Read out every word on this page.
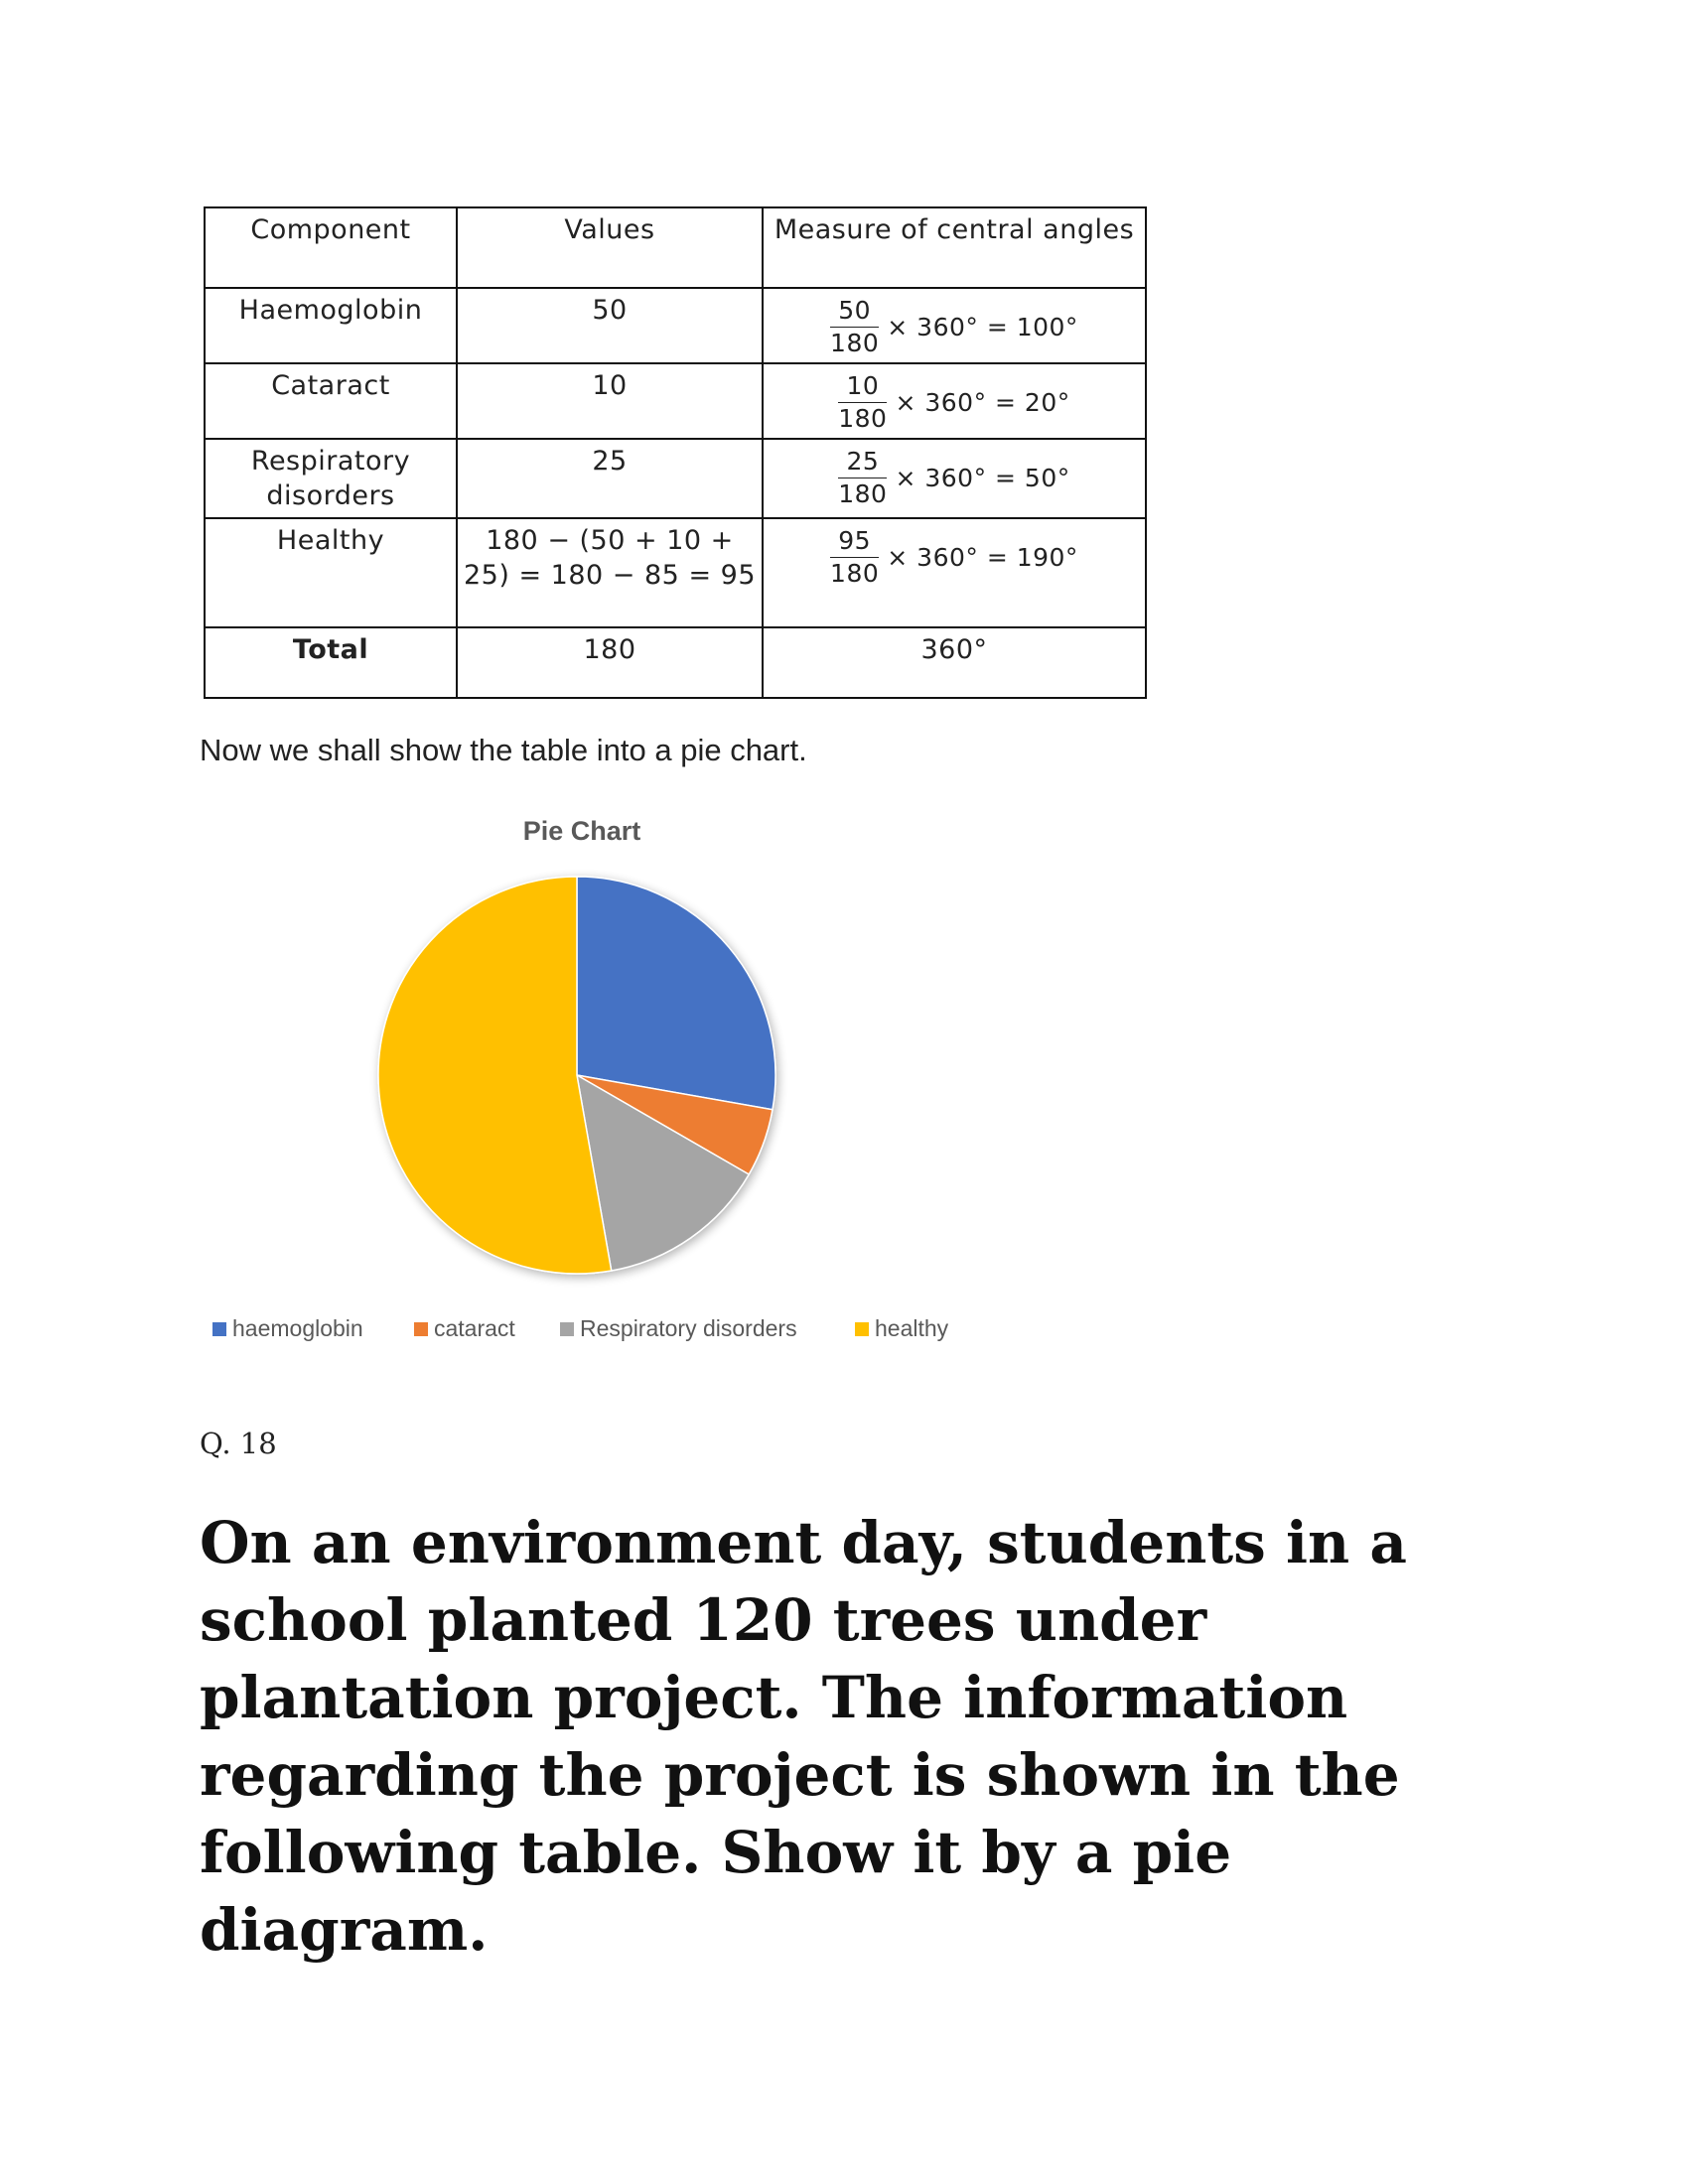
Component	Values	Measure of central angles
Haemoglobin	50	$\frac{50}{180} \times 360^\circ = 100^\circ$

Cataract	10	$\frac{10}{180} \times 360^\circ = 20^\circ$

Respiratory disorders	25	$\frac{25}{180} \times 360^\circ = 50^\circ$

Healthy	180 − (50 + 10 + 25) = 180 − 85 = 95	$\frac{95}{180} \times 360^\circ = 190^\circ$

Total	180	360°

Now we shall show the table into a pie chart.

Pie Chart
haemoglobin	cataract	Respiratory disorders	healthy

Q. 18

On an environment day, students in a school planted 120 trees under plantation project. The information regarding the project is shown in the following table. Show it by a pie diagram.
